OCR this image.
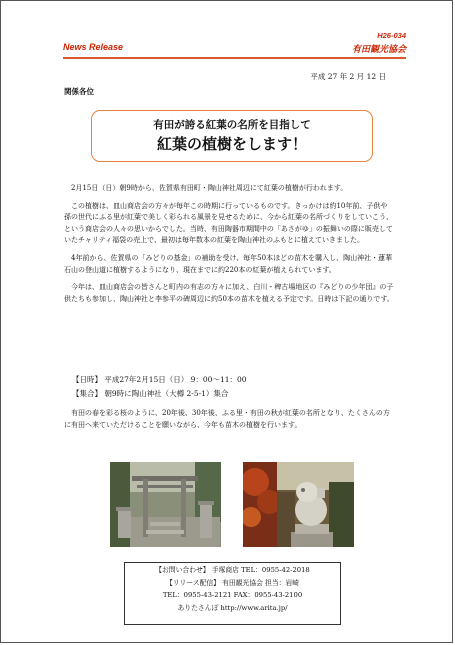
H26-034
News Release	有田観光協会
平成 27 年 2 月 12 日
関係各位
有田が誇る紅葉の名所を目指して
紅葉の植樹をします！

2月15日（日）朝9時から、佐賀県有田町・陶山神社周辺にて紅葉の植樹が行われます。

この植樹は、皿山商店会の方々が毎年この時期に行っているものです。きっかけは約10年前、子供や孫の世代にふる里が紅葉で美しく彩られる風景を見せるために、今から紅葉の名所づくりをしていこう、という商店会の人々の思いからでした。当時、有田陶器市期間中の「あさがゆ」の振舞いの際に販売していたチャリティ福袋の売上で、最初は毎年数本の紅葉を陶山神社のふもとに植えていきました。

4年前から、佐賀県の「みどりの基金」の補助を受け、毎年50本ほどの苗木を購入し、陶山神社・蓮華石山の登山道に植樹するようになり、現在までに約220本の紅葉が植えられています。

今年は、皿山商店会の皆さんと町内の有志の方々に加え、白川・稗古場地区の『みどりの少年団』の子供たちも参加し、陶山神社と李参平の碑周辺に約50本の苗木を植える予定です。日時は下記の通りです。

【日時】 平成27年2月15日（日） 9：00～11：00
【集合】 朝9時に陶山神社（大樽 2-5-1）集合

有田の春を彩る桜のように、20年後、30年後、ふる里・有田の秋が紅葉の名所となり、たくさんの方に有田へ来ていただけることを願いながら、今年も苗木の植樹を行います。

【お問い合わせ】 手塚商店 TEL：0955-42-2018
【リリース配信】 有田観光協会 担当：岩崎
TEL：0955-43-2121 FAX：0955-43-2100
ありたさんぽ http://www.arita.jp/
